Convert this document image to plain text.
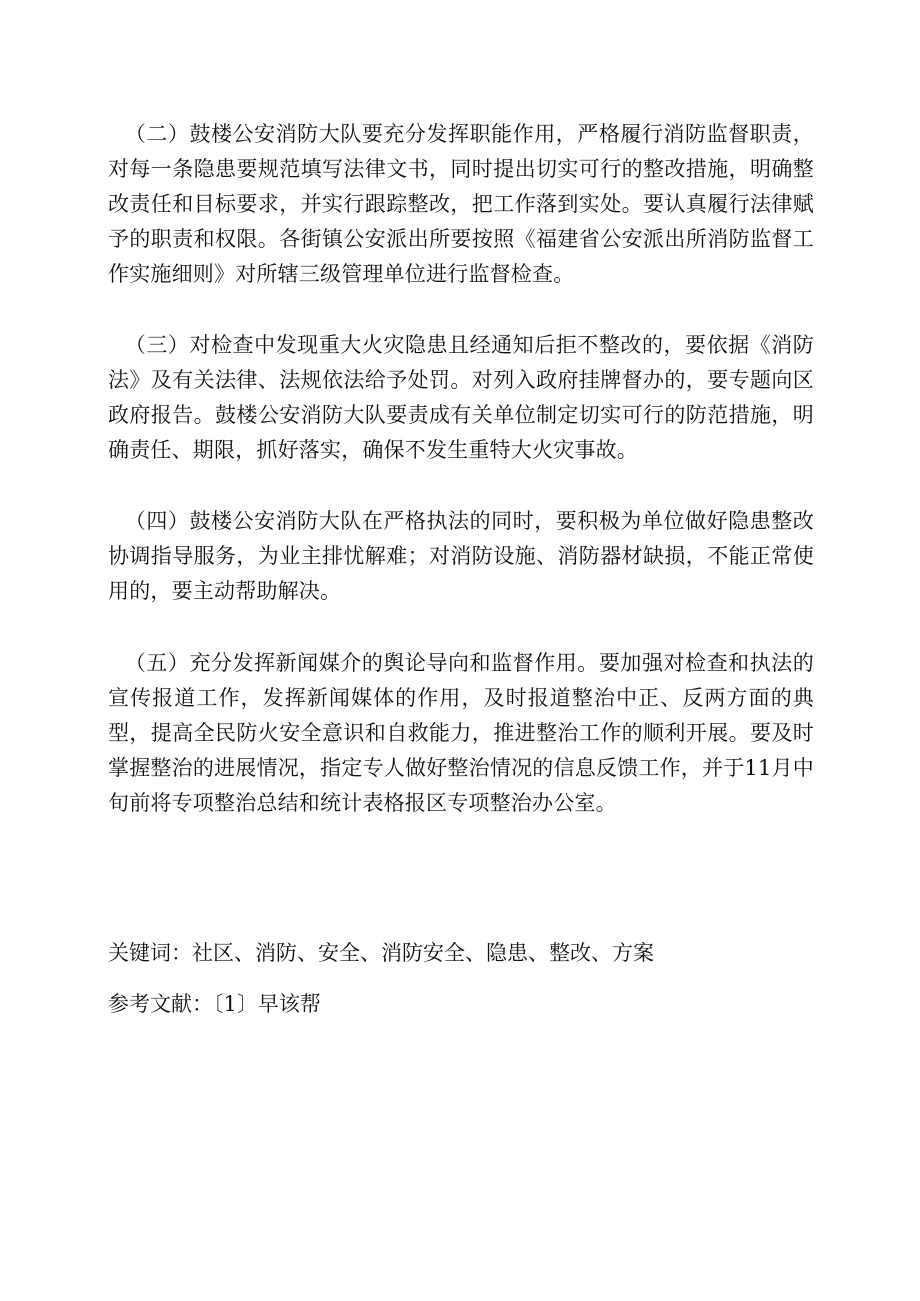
（二）鼓楼公安消防大队要充分发挥职能作用，严格履行消防监督职责，对每一条隐患要规范填写法律文书，同时提出切实可行的整改措施，明确整改责任和目标要求，并实行跟踪整改，把工作落到实处。要认真履行法律赋予的职责和权限。各街镇公安派出所要按照《福建省公安派出所消防监督工作实施细则》对所辖三级管理单位进行监督检查。

（三）对检查中发现重大火灾隐患且经通知后拒不整改的，要依据《消防法》及有关法律、法规依法给予处罚。对列入政府挂牌督办的，要专题向区政府报告。鼓楼公安消防大队要责成有关单位制定切实可行的防范措施，明确责任、期限，抓好落实，确保不发生重特大火灾事故。

（四）鼓楼公安消防大队在严格执法的同时，要积极为单位做好隐患整改协调指导服务，为业主排忧解难；对消防设施、消防器材缺损，不能正常使用的，要主动帮助解决。

（五）充分发挥新闻媒介的舆论导向和监督作用。要加强对检查和执法的宣传报道工作，发挥新闻媒体的作用，及时报道整治中正、反两方面的典型，提高全民防火安全意识和自救能力，推进整治工作的顺利开展。要及时掌握整治的进展情况，指定专人做好整治情况的信息反馈工作，并于11月中旬前将专项整治总结和统计表格报区专项整治办公室。

关键词：社区、消防、安全、消防安全、隐患、整改、方案

参考文献：〔1〕早该帮
